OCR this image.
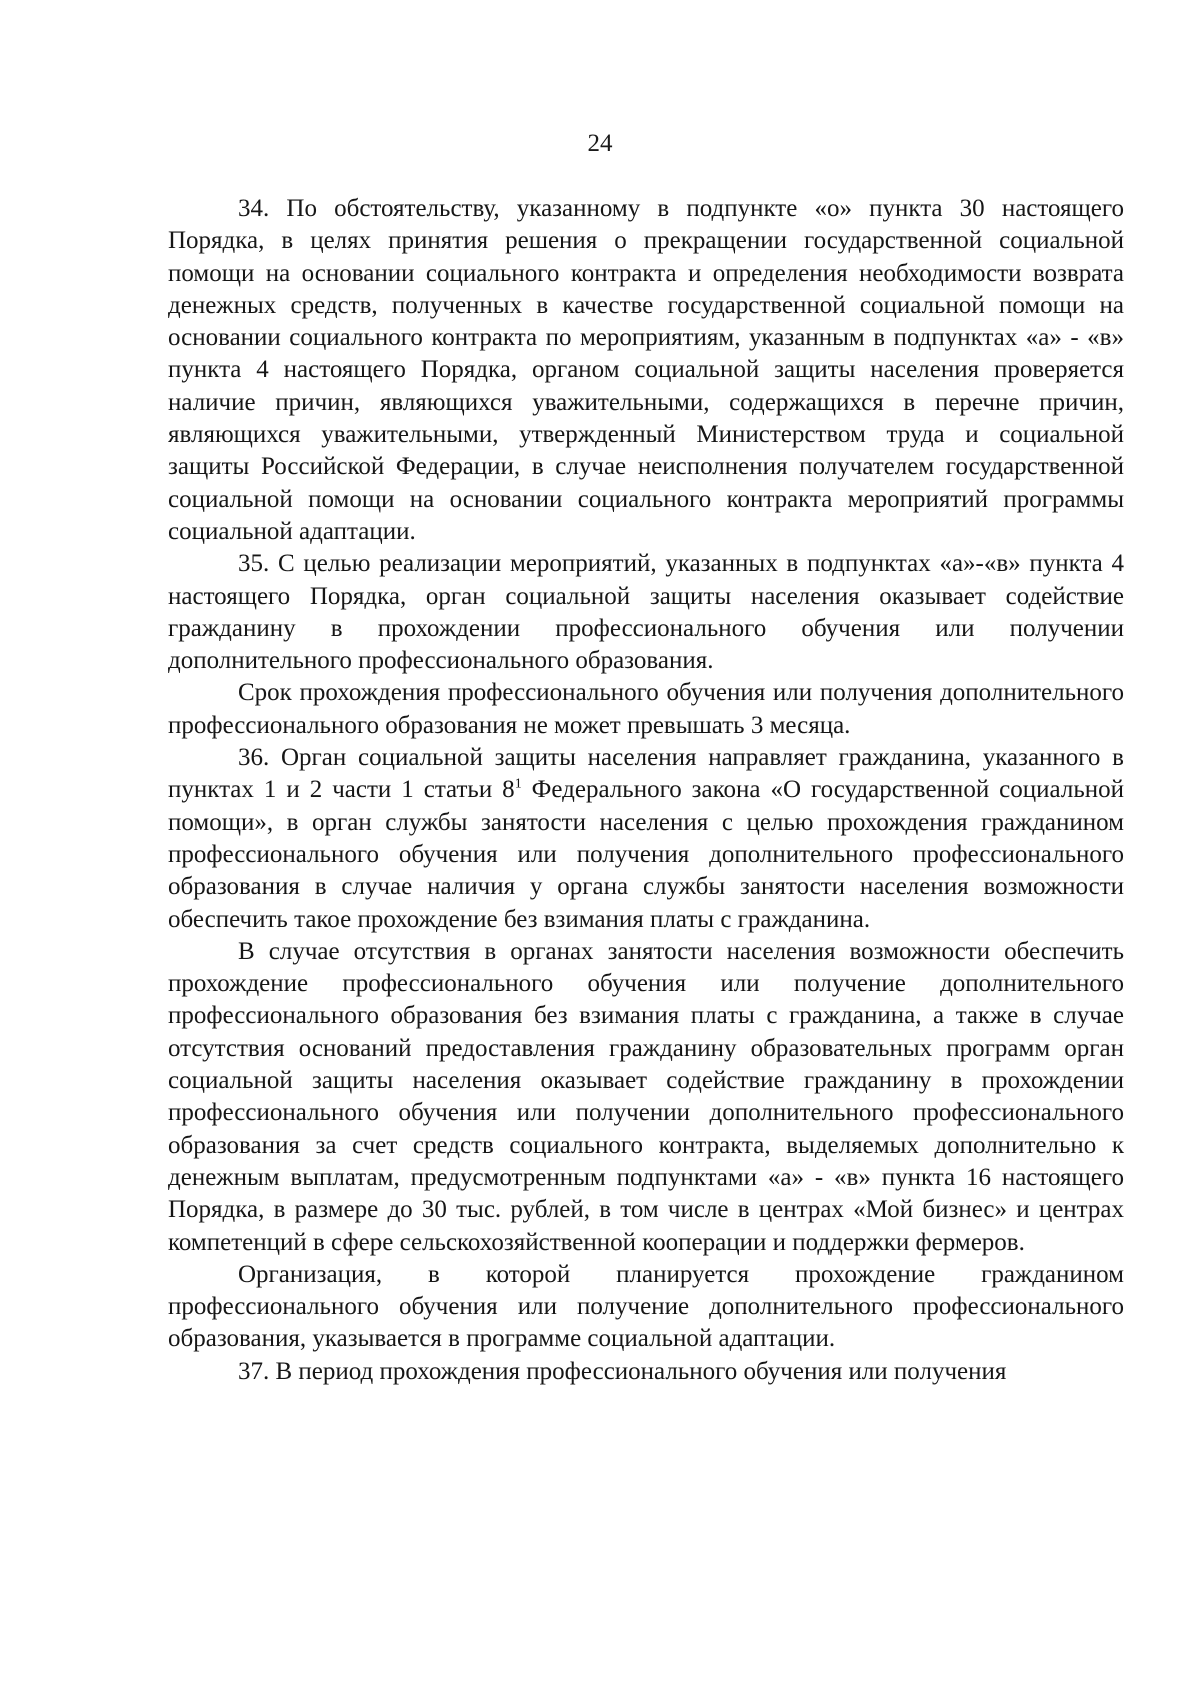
24

34. По обстоятельству, указанному в подпункте «о» пункта 30 настоящего Порядка, в целях принятия решения о прекращении государственной социальной помощи на основании социального контракта и определения необходимости возврата денежных средств, полученных в качестве государственной социальной помощи на основании социального контракта по мероприятиям, указанным в подпунктах «а» - «в» пункта 4 настоящего Порядка, органом социальной защиты населения проверяется наличие причин, являющихся уважительными, содержащихся в перечне причин, являющихся уважительными, утвержденный Министерством труда и социальной защиты Российской Федерации, в случае неисполнения получателем государственной социальной помощи на основании социального контракта мероприятий программы социальной адаптации.

35. С целью реализации мероприятий, указанных в подпунктах «а»-«в» пункта 4 настоящего Порядка, орган социальной защиты населения оказывает содействие гражданину в прохождении профессионального обучения или получении дополнительного профессионального образования.

Срок прохождения профессионального обучения или получения дополнительного профессионального образования не может превышать 3 месяца.

36. Орган социальной защиты населения направляет гражданина, указанного в пунктах 1 и 2 части 1 статьи $8^1$ Федерального закона «О государственной социальной помощи», в орган службы занятости населения с целью прохождения гражданином профессионального обучения или получения дополнительного профессионального образования в случае наличия у органа службы занятости населения возможности обеспечить такое прохождение без взимания платы с гражданина.

В случае отсутствия в органах занятости населения возможности обеспечить прохождение профессионального обучения или получение дополнительного профессионального образования без взимания платы с гражданина, а также в случае отсутствия оснований предоставления гражданину образовательных программ орган социальной защиты населения оказывает содействие гражданину в прохождении профессионального обучения или получении дополнительного профессионального образования за счет средств социального контракта, выделяемых дополнительно к денежным выплатам, предусмотренным подпунктами «а» - «в» пункта 16 настоящего Порядка, в размере до 30 тыс. рублей, в том числе в центрах «Мой бизнес» и центрах компетенций в сфере сельскохозяйственной кооперации и поддержки фермеров.

Организация, в которой планируется прохождение гражданином профессионального обучения или получение дополнительного профессионального образования, указывается в программе социальной адаптации.

37. В период прохождения профессионального обучения или получения
